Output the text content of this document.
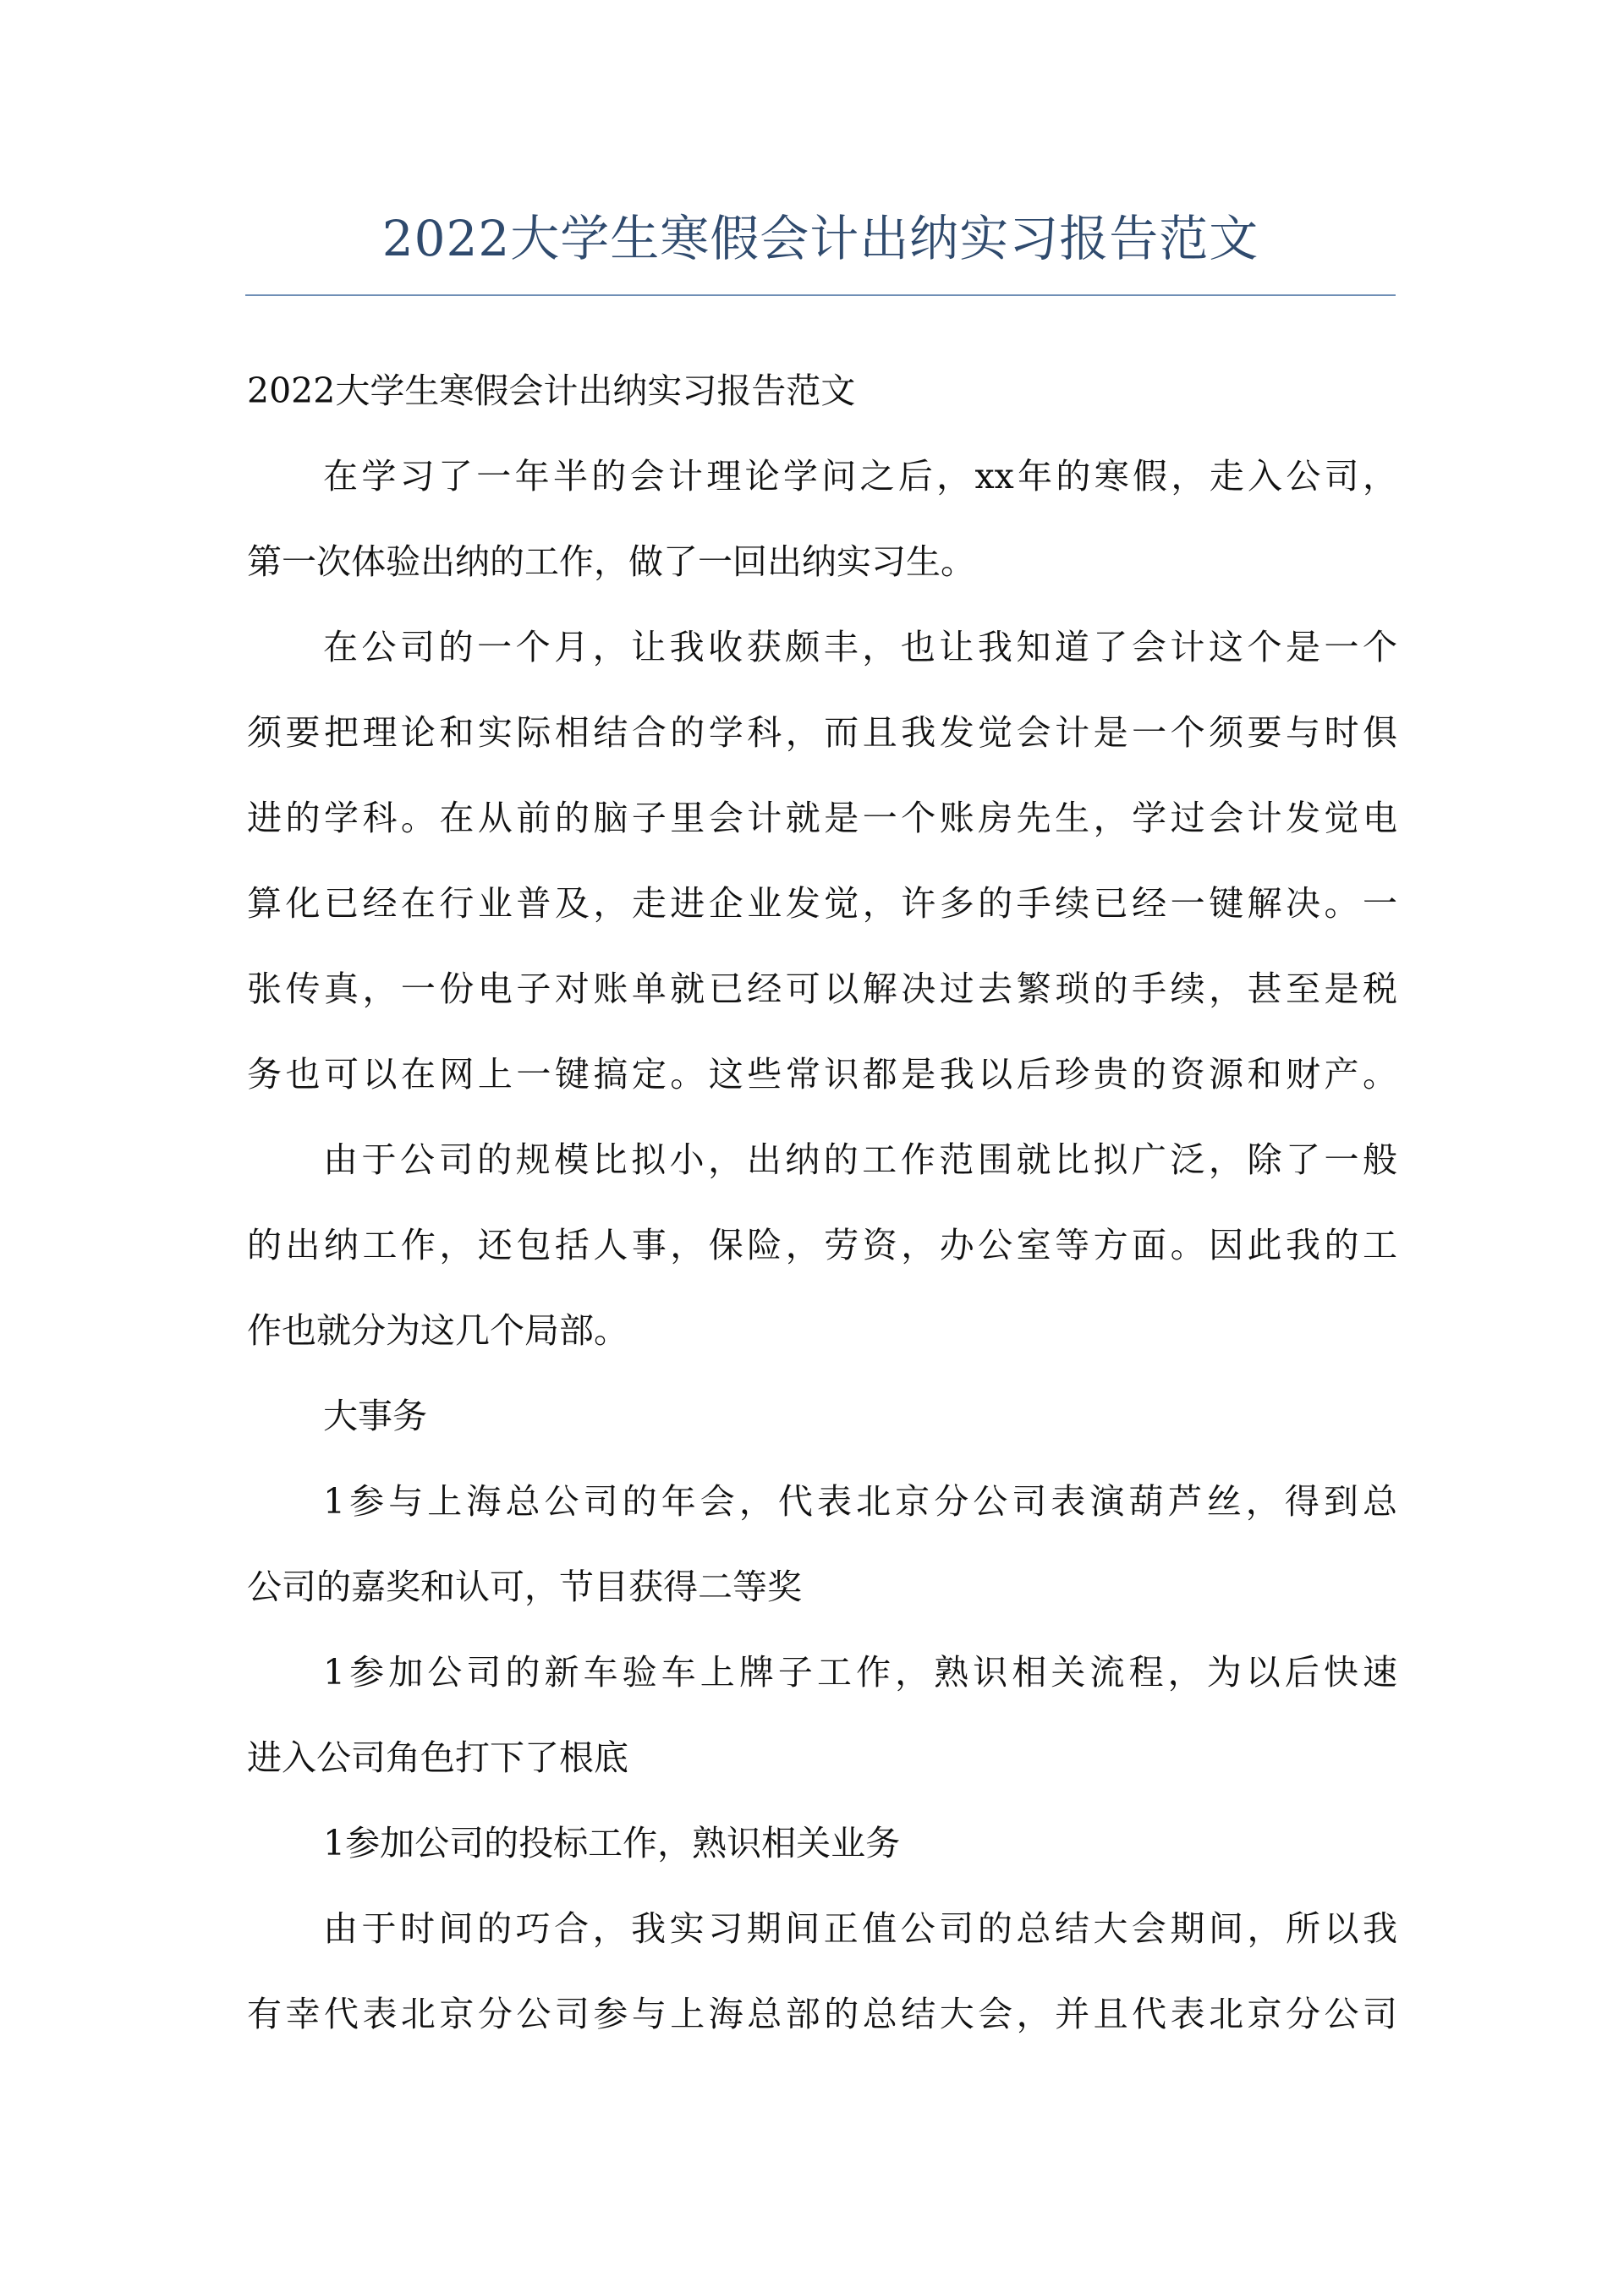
2022大学生寒假会计出纳实习报告范文
2022大学生寒假会计出纳实习报告范文
在学习了一年半的会计理论学问之后，xx年的寒假，走入公司，
第一次体验出纳的工作，做了一回出纳实习生。
在公司的一个月，让我收获颇丰，也让我知道了会计这个是一个
须要把理论和实际相结合的学科，而且我发觉会计是一个须要与时俱
进的学科。在从前的脑子里会计就是一个账房先生，学过会计发觉电
算化已经在行业普及，走进企业发觉，许多的手续已经一键解决。一
张传真，一份电子对账单就已经可以解决过去繁琐的手续，甚至是税
务也可以在网上一键搞定。这些常识都是我以后珍贵的资源和财产。
由于公司的规模比拟小，出纳的工作范围就比拟广泛，除了一般
的出纳工作，还包括人事，保险，劳资，办公室等方面。因此我的工
作也就分为这几个局部。
大事务
1参与上海总公司的年会，代表北京分公司表演葫芦丝，得到总
公司的嘉奖和认可，节目获得二等奖
1参加公司的新车验车上牌子工作，熟识相关流程，为以后快速
进入公司角色打下了根底
1参加公司的投标工作，熟识相关业务
由于时间的巧合，我实习期间正值公司的总结大会期间，所以我
有幸代表北京分公司参与上海总部的总结大会，并且代表北京分公司
